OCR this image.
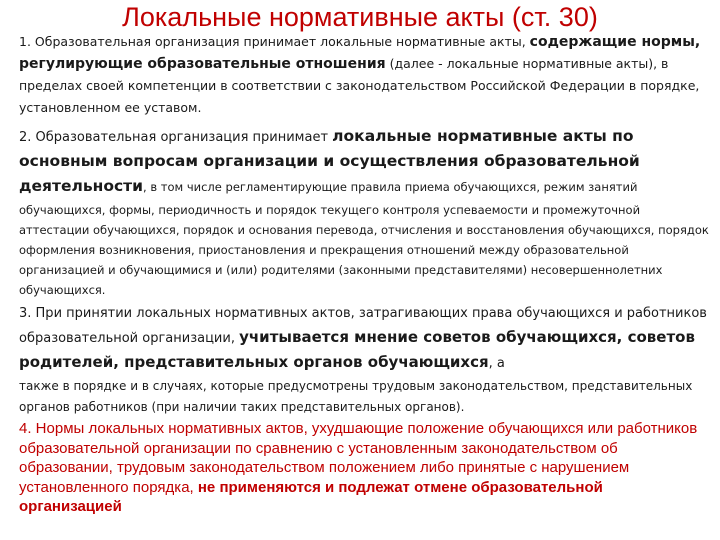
Локальные нормативные акты (ст. 30)

1. Образовательная организация принимает локальные нормативные акты, содержащие нормы, регулирующие образовательные отношения (далее - локальные нормативные акты), в пределах своей компетенции в соответствии с законодательством Российской Федерации в порядке, установленном ее уставом.

2. Образовательная организация принимает локальные нормативные акты по основным вопросам организации и осуществления образовательной деятельности, в том числе регламентирующие правила приема обучающихся, режим занятий
обучающихся, формы, периодичность и порядок текущего контроля успеваемости и промежуточной аттестации обучающихся, порядок и основания перевода, отчисления и восстановления обучающихся, порядок оформления возникновения, приостановления и прекращения отношений между образовательной организацией и обучающимися и (или) родителями (законными представителями) несовершеннолетних обучающихся.

3. При принятии локальных нормативных актов, затрагивающих права обучающихся и работников образовательной организации, учитывается мнение советов обучающихся, советов родителей, представительных органов обучающихся, а
также в порядке и в случаях, которые предусмотрены трудовым законодательством, представительных органов работников (при наличии таких представительных органов).

4. Нормы локальных нормативных актов, ухудшающие положение обучающихся или работников образовательной организации по сравнению с установленным законодательством об образовании, трудовым законодательством положением либо принятые с нарушением установленного порядка, не применяются и подлежат отмене образовательной организацией
